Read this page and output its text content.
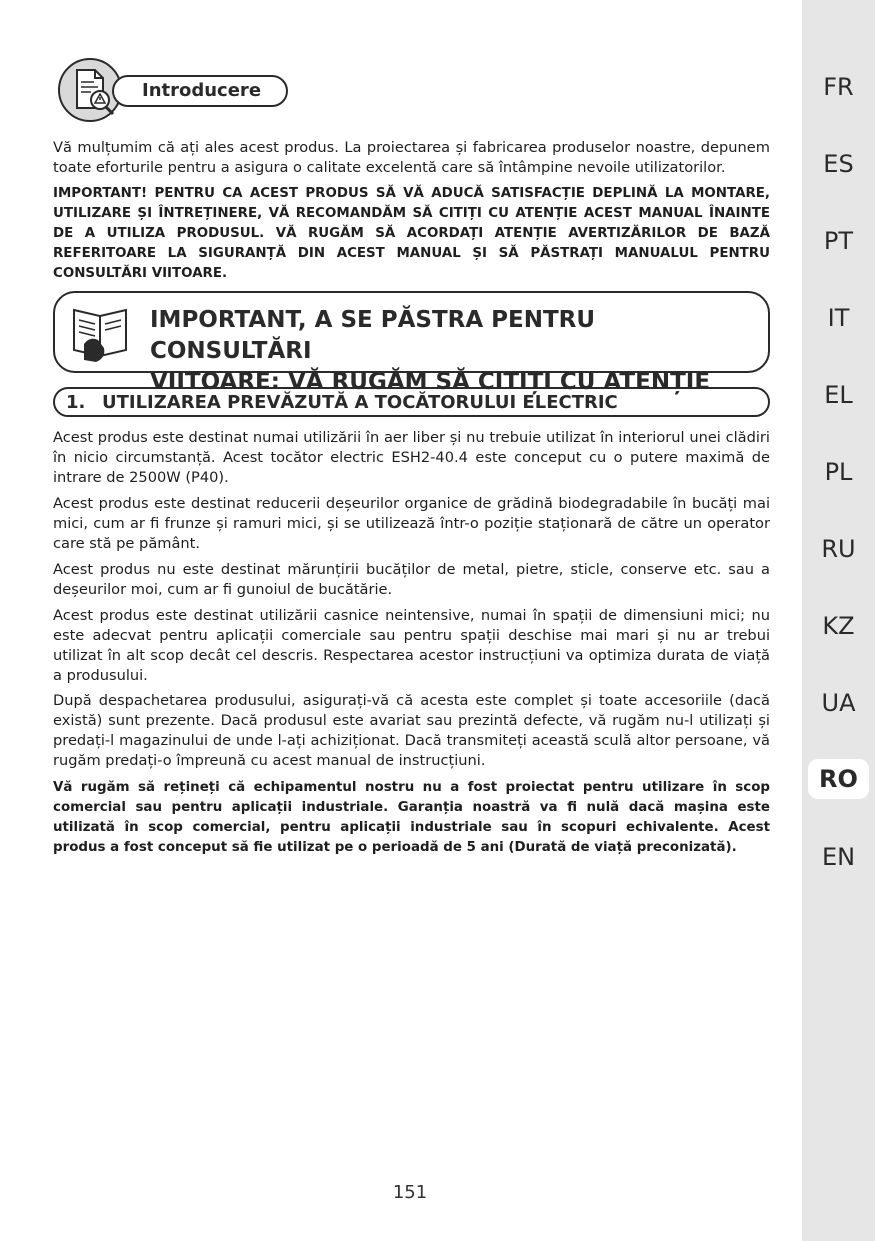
Introducere

Vă mulțumim că ați ales acest produs. La proiectarea și fabricarea produselor noastre, depunem toate eforturile pentru a asigura o calitate excelentă care să întâmpine nevoile utilizatorilor.

IMPORTANT! PENTRU CA ACEST PRODUS SĂ VĂ ADUCĂ SATISFACȚIE DEPLINĂ LA MONTARE, UTILIZARE ȘI ÎNTREȚINERE, VĂ RECOMANDĂM SĂ CITIȚI CU ATENȚIE ACEST MANUAL ÎNAINTE DE A UTILIZA PRODUSUL. VĂ RUGĂM SĂ ACORDAȚI ATENȚIE AVERTIZĂRILOR DE BAZĂ REFERITOARE LA SIGURANȚĂ DIN ACEST MANUAL ȘI SĂ PĂSTRAȚI MANUALUL PENTRU CONSULTĂRI VIITOARE.

IMPORTANT, A SE PĂSTRA PENTRU CONSULTĂRI
VIITOARE: VĂ RUGĂM SĂ CITIȚI CU ATENȚIE
1. UTILIZAREA PREVĂZUTĂ A TOCĂTORULUI ELECTRIC

Acest produs este destinat numai utilizării în aer liber și nu trebuie utilizat în interiorul unei clădiri în nicio circumstanță. Acest tocător electric ESH2-40.4 este conceput cu o putere maximă de intrare de 2500W (P40).

Acest produs este destinat reducerii deșeurilor organice de grădină biodegradabile în bucăți mai mici, cum ar fi frunze și ramuri mici, și se utilizează într-o poziție staționară de către un operator care stă pe pământ.

Acest produs nu este destinat mărunțirii bucăților de metal, pietre, sticle, conserve etc. sau a deșeurilor moi, cum ar fi gunoiul de bucătărie.

Acest produs este destinat utilizării casnice neintensive, numai în spații de dimensiuni mici; nu este adecvat pentru aplicații comerciale sau pentru spații deschise mai mari și nu ar trebui utilizat în alt scop decât cel descris. Respectarea acestor instrucțiuni va optimiza durata de viață a produsului.

După despachetarea produsului, asigurați-vă că acesta este complet și toate accesoriile (dacă există) sunt prezente. Dacă produsul este avariat sau prezintă defecte, vă rugăm nu-l utilizați și predați-l magazinului de unde l-ați achiziționat. Dacă transmiteți această sculă altor persoane, vă rugăm predați-o împreună cu acest manual de instrucțiuni.

Vă rugăm să rețineți că echipamentul nostru nu a fost proiectat pentru utilizare în scop comercial sau pentru aplicații industriale. Garanția noastră va fi nulă dacă mașina este utilizată în scop comercial, pentru aplicații industriale sau în scopuri echivalente. Acest produs a fost conceput să fie utilizat pe o perioadă de 5 ani (Durată de viață preconizată).

151
FR
ES
PT
IT
EL
PL
RU
KZ
UA
RO
EN
